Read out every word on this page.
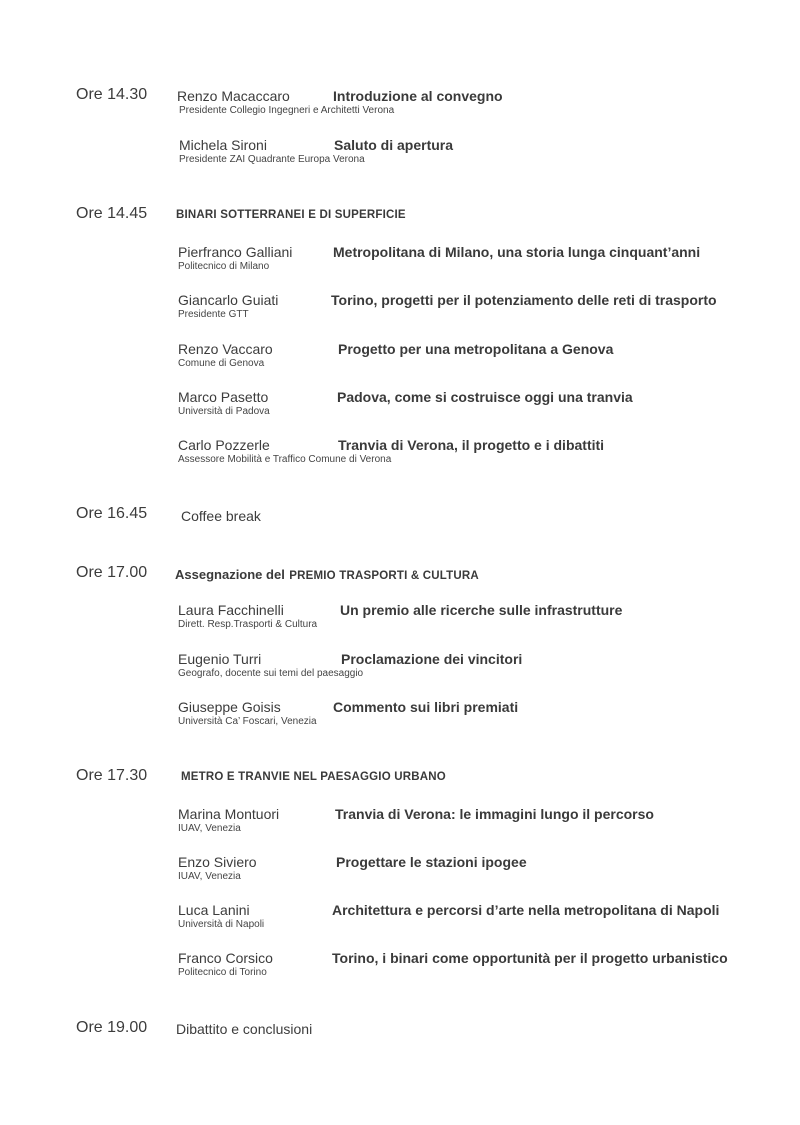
Ore 14.30 Renzo Macaccaro
Presidente Collegio Ingegneri e Architetti Verona
Introduzione al convegno
Michela Sironi
Presidente ZAI Quadrante Europa Verona
Saluto di apertura
Ore 14.45	BINARI SOTTERRANEI E DI SUPERFICIE
Pierfranco Galliani
Politecnico di Milano
Metropolitana di Milano, una storia lunga cinquant’anni
Giancarlo Guiati
Presidente GTT
Torino, progetti per il potenziamento delle reti di trasporto
Renzo Vaccaro
Comune di Genova
Progetto per una metropolitana a Genova
Marco Pasetto
Università di Padova
Padova, come si costruisce oggi una tranvia
Carlo Pozzerle
Assessore Mobilità e Traffico Comune di Verona
Tranvia di Verona, il progetto e i dibattiti
Ore 16.45 Coffee break
Ore 17.00 Assegnazione del PREMIO TRASPORTI & CULTURA
Laura Facchinelli
Dirett. Resp.Trasporti & Cultura
Un premio alle ricerche sulle infrastrutture
Eugenio Turri
Geografo, docente sui temi del paesaggio
Proclamazione dei vincitori
Giuseppe Goisis
Università Ca’ Foscari, Venezia
Commento sui libri premiati
Ore 17.30	METRO E TRANVIE NEL PAESAGGIO URBANO
Marina Montuori
IUAV, Venezia
Tranvia di Verona: le immagini lungo il percorso
Enzo Siviero
IUAV, Venezia
Progettare le stazioni ipogee
Luca Lanini
Università di Napoli
Architettura e percorsi d’arte nella metropolitana di Napoli
Franco Corsico
Politecnico di Torino
Torino, i binari come opportunità per il progetto urbanistico
Ore 19.00 Dibattito e conclusioni
